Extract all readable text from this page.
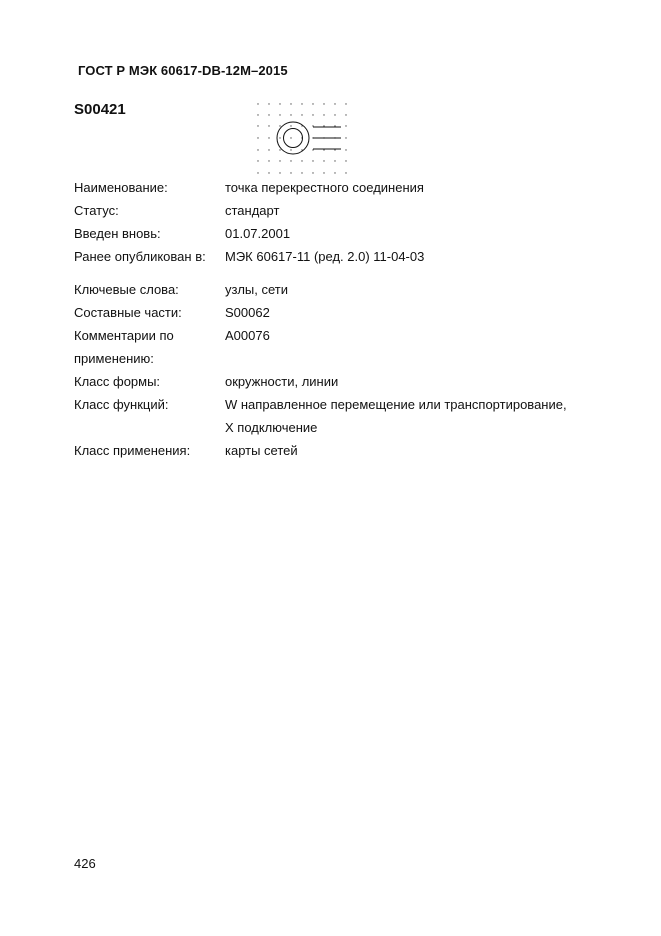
ГОСТ Р МЭК 60617-DB-12M–2015
S00421
Наименование:	точка перекрестного соединения
Статус:	стандарт
Введен вновь:	01.07.2001
Ранее опубликован в: МЭК 60617-11 (ред. 2.0) 11-04-03
Ключевые слова:	узлы, сети
Составные части:	S00062
Комментарии по	A00076
применению:
Класс формы:	окружности, линии
Класс функций:	W направленное перемещение или транспортирование,
X подключение
Класс применения:	карты сетей
426
